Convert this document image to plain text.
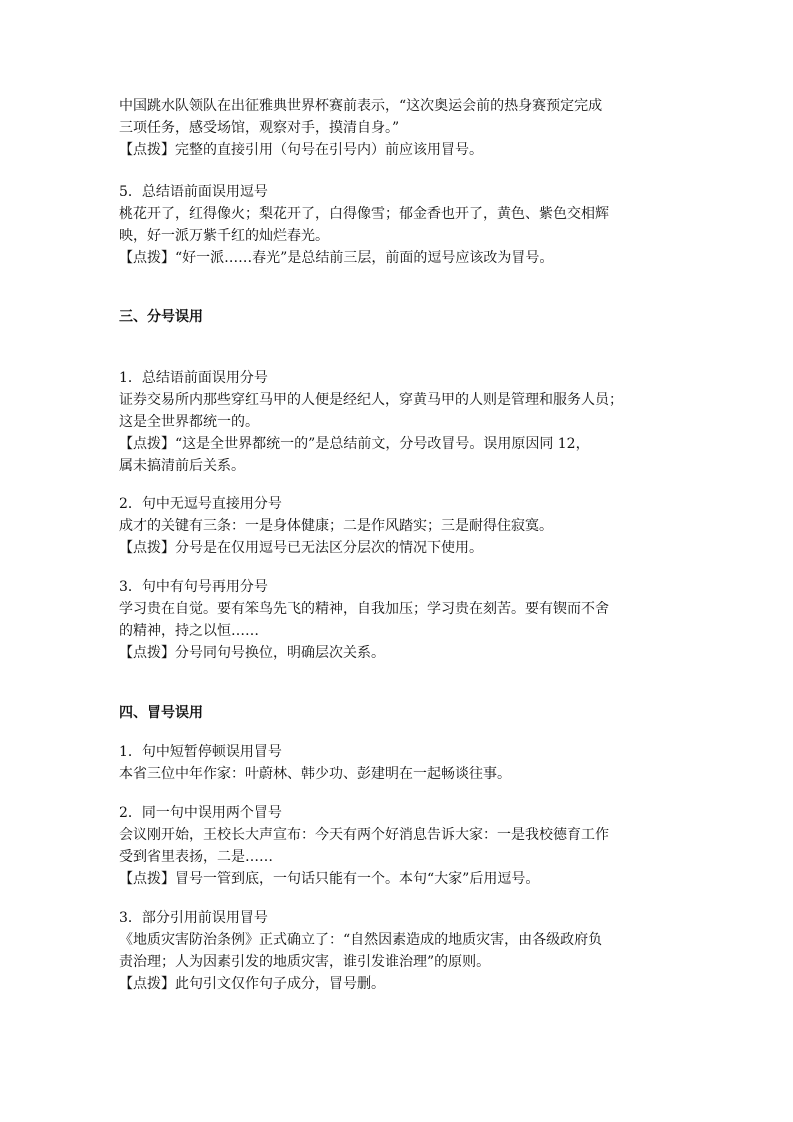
中国跳水队领队在出征雅典世界杯赛前表示，“这次奥运会前的热身赛预定完成

三项任务，感受场馆，观察对手，摸清自身。”

【点拨】完整的直接引用（句号在引号内）前应该用冒号。

5．总结语前面误用逗号

桃花开了，红得像火；梨花开了，白得像雪；郁金香也开了，黄色、紫色交相辉

映，好一派万紫千红的灿烂春光。

【点拨】“好一派……春光”是总结前三层，前面的逗号应该改为冒号。

三、分号误用

1．总结语前面误用分号

证券交易所内那些穿红马甲的人便是经纪人，穿黄马甲的人则是管理和服务人员；

这是全世界都统一的。

【点拨】“这是全世界都统一的”是总结前文，分号改冒号。误用原因同 12，

属未搞清前后关系。

2．句中无逗号直接用分号

成才的关键有三条：一是身体健康；二是作风踏实；三是耐得住寂寞。

【点拨】分号是在仅用逗号已无法区分层次的情况下使用。

3．句中有句号再用分号

学习贵在自觉。要有笨鸟先飞的精神，自我加压；学习贵在刻苦。要有锲而不舍

的精神，持之以恒……

【点拨】分号同句号换位，明确层次关系。

四、冒号误用

1．句中短暂停顿误用冒号

本省三位中年作家：叶蔚林、韩少功、彭建明在一起畅谈往事。

2．同一句中误用两个冒号

会议刚开始，王校长大声宣布：今天有两个好消息告诉大家：一是我校德育工作

受到省里表扬，二是……

【点拨】冒号一管到底，一句话只能有一个。本句“大家”后用逗号。

3．部分引用前误用冒号

《地质灾害防治条例》正式确立了：“自然因素造成的地质灾害，由各级政府负

责治理；人为因素引发的地质灾害，谁引发谁治理”的原则。

【点拨】此句引文仅作句子成分，冒号删。
